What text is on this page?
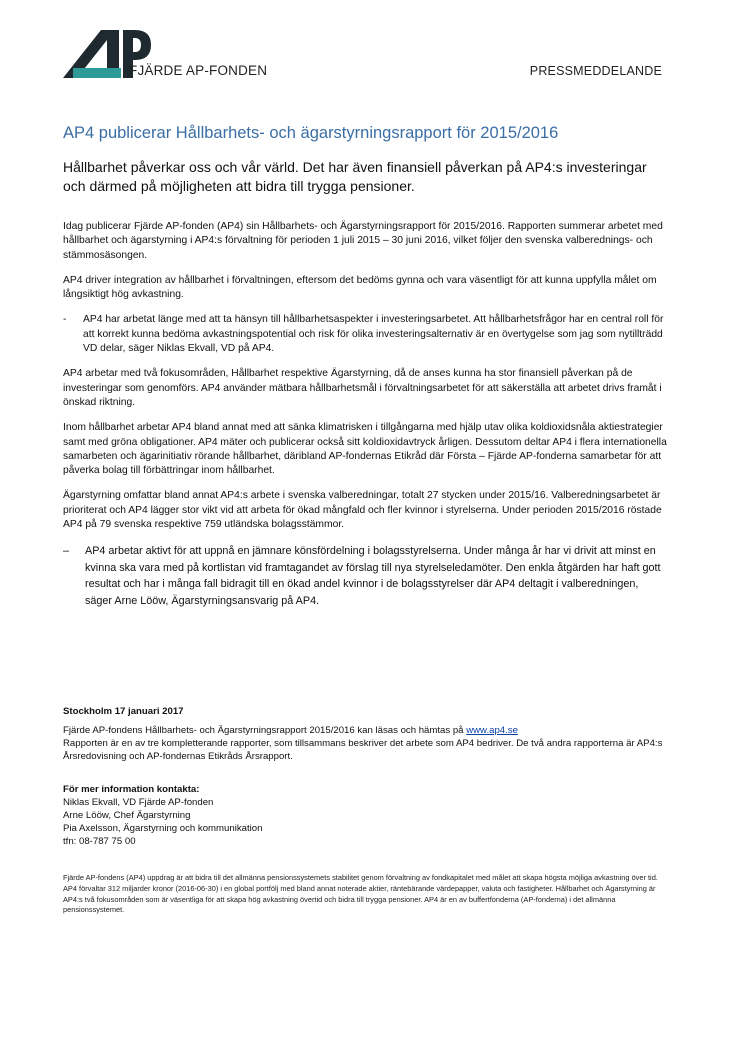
FJÄRDE AP-FONDEN	PRESSMEDDELANDE
AP4 publicerar Hållbarhets- och ägarstyrningsrapport för 2015/2016
Hållbarhet påverkar oss och vår värld. Det har även finansiell påverkan på AP4:s investeringar och därmed på möjligheten att bidra till trygga pensioner.

Idag publicerar Fjärde AP-fonden (AP4) sin Hållbarhets- och Ägarstyrningsrapport för 2015/2016. Rapporten summerar arbetet med hållbarhet och ägarstyrning i AP4:s förvaltning för perioden 1 juli 2015 – 30 juni 2016, vilket följer den svenska valberednings- och stämmosäsongen.

AP4 driver integration av hållbarhet i förvaltningen, eftersom det bedöms gynna och vara väsentligt för att kunna uppfylla målet om långsiktigt hög avkastning.

- AP4 har arbetat länge med att ta hänsyn till hållbarhetsaspekter i investeringsarbetet. Att hållbarhetsfrågor har en central roll för att korrekt kunna bedöma avkastningspotential och risk för olika investeringsalternativ är en övertygelse som jag som nytillträdd VD delar, säger Niklas Ekvall, VD på AP4.

AP4 arbetar med två fokusområden, Hållbarhet respektive Ägarstyrning, då de anses kunna ha stor finansiell påverkan på de investeringar som genomförs. AP4 använder mätbara hållbarhetsmål i förvaltningsarbetet för att säkerställa att arbetet drivs framåt i önskad riktning.

Inom hållbarhet arbetar AP4 bland annat med att sänka klimatrisken i tillgångarna med hjälp utav olika koldioxidsnåla aktiestrategier samt med gröna obligationer. AP4 mäter och publicerar också sitt koldioxidavtryck årligen. Dessutom deltar AP4 i flera internationella samarbeten och ägarinitiativ rörande hållbarhet, däribland AP-fondernas Etikråd där Första – Fjärde AP-fonderna samarbetar för att påverka bolag till förbättringar inom hållbarhet.

Ägarstyrning omfattar bland annat AP4:s arbete i svenska valberedningar, totalt 27 stycken under 2015/16. Valberedningsarbetet är prioriterat och AP4 lägger stor vikt vid att arbeta för ökad mångfald och fler kvinnor i styrelserna. Under perioden 2015/2016 röstade AP4 på 79 svenska respektive 759 utländska bolagsstämmor.

– AP4 arbetar aktivt för att uppnå en jämnare könsfördelning i bolagsstyrelserna. Under många år har vi drivit att minst en kvinna ska vara med på kortlistan vid framtagandet av förslag till nya styrelseledamöter. Den enkla åtgärden har haft gott resultat och har i många fall bidragit till en ökad andel kvinnor i de bolagsstyrelser där AP4 deltagit i valberedningen, säger Arne Lööw, Ägarstyrningsansvarig på AP4.

Stockholm 17 januari 2017

Fjärde AP-fondens Hållbarhets- och Ägarstyrningsrapport 2015/2016 kan läsas och hämtas på www.ap4.se
Rapporten är en av tre kompletterande rapporter, som tillsammans beskriver det arbete som AP4 bedriver. De två andra rapporterna är AP4:s Årsredovisning och AP-fondernas Etikråds Årsrapport.

För mer information kontakta:

Niklas Ekvall, VD Fjärde AP-fonden

Arne Lööw, Chef Ägarstyrning

Pia Axelsson, Ägarstyrning och kommunikation

tfn: 08-787 75 00

Fjärde AP-fondens (AP4) uppdrag är att bidra till det allmänna pensionssystemets stabilitet genom förvaltning av fondkapitalet med målet att skapa högsta möjliga avkastning över tid. AP4 förvaltar 312 miljarder kronor (2016-06-30) i en global portfölj med bland annat noterade aktier, räntebärande värdepapper, valuta och fastigheter. Hållbarhet och Ägarstyrning är AP4:s två fokusområden som är väsentliga för att skapa hög avkastning övertid och bidra till trygga pensioner. AP4 är en av buffertfonderna (AP-fonderna) i det allmänna pensionssystemet.
